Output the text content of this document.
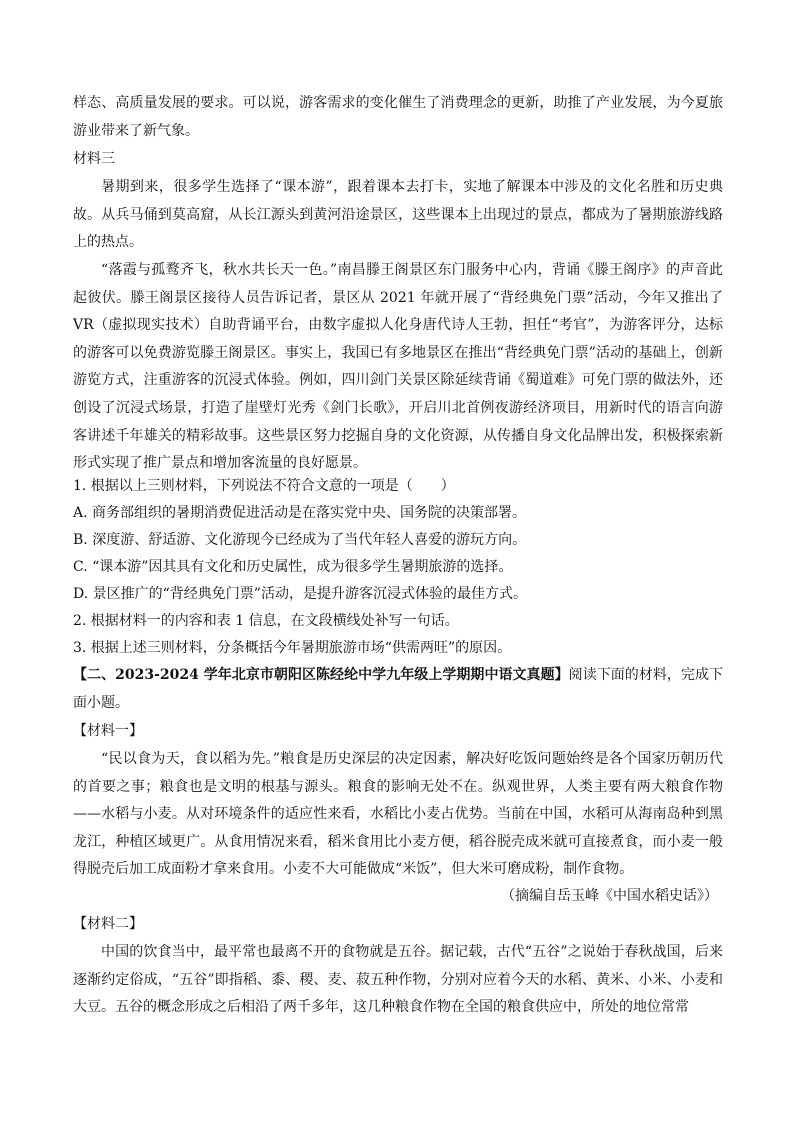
样态、高质量发展的要求。可以说，游客需求的变化催生了消费理念的更新，助推了产业发展，为今夏旅游业带来了新气象。

材料三

暑期到来，很多学生选择了“课本游”，跟着课本去打卡，实地了解课本中涉及的文化名胜和历史典故。从兵马俑到莫高窟，从长江源头到黄河沿途景区，这些课本上出现过的景点，都成为了暑期旅游线路上的热点。

“落霞与孤鹜齐飞，秋水共长天一色。”南昌滕王阁景区东门服务中心内，背诵《滕王阁序》的声音此起彼伏。滕王阁景区接待人员告诉记者，景区从 2021 年就开展了“背经典免门票”活动，今年又推出了 VR（虚拟现实技术）自助背诵平台，由数字虚拟人化身唐代诗人王勃，担任“考官”，为游客评分，达标的游客可以免费游览滕王阁景区。事实上，我国已有多地景区在推出“背经典免门票”活动的基础上，创新游览方式，注重游客的沉浸式体验。例如，四川剑门关景区除延续背诵《蜀道难》可免门票的做法外，还创设了沉浸式场景，打造了崖壁灯光秀《剑门长歌》，开启川北首例夜游经济项目，用新时代的语言向游客讲述千年雄关的精彩故事。这些景区努力挖掘自身的文化资源，从传播自身文化品牌出发，积极探索新形式实现了推广景点和增加客流量的良好愿景。

1. 根据以上三则材料，下列说法不符合文意的一项是（　　）

A. 商务部组织的暑期消费促进活动是在落实党中央、国务院的决策部署。

B. 深度游、舒适游、文化游现今已经成为了当代年轻人喜爱的游玩方向。

C. “课本游”因其具有文化和历史属性，成为很多学生暑期旅游的选择。

D. 景区推广的“背经典免门票”活动，是提升游客沉浸式体验的最佳方式。

2. 根据材料一的内容和表 1 信息，在文段横线处补写一句话。

3. 根据上述三则材料，分条概括今年暑期旅游市场“供需两旺”的原因。

【二、2023-2024 学年北京市朝阳区陈经纶中学九年级上学期期中语文真题】阅读下面的材料，完成下面小题。

【材料一】

“民以食为天，食以稻为先。”粮食是历史深层的决定因素，解决好吃饭问题始终是各个国家历朝历代的首要之事；粮食也是文明的根基与源头。粮食的影响无处不在。纵观世界，人类主要有两大粮食作物——水稻与小麦。从对环境条件的适应性来看，水稻比小麦占优势。当前在中国，水稻可从海南岛种到黑龙江，种植区域更广。从食用情况来看，稻米食用比小麦方便，稻谷脱壳成米就可直接煮食，而小麦一般得脱壳后加工成面粉才拿来食用。小麦不大可能做成“米饭”，但大米可磨成粉，制作食物。

（摘编自岳玉峰《中国水稻史话》）

【材料二】

中国的饮食当中，最平常也最离不开的食物就是五谷。据记载，古代“五谷”之说始于春秋战国，后来逐渐约定俗成，“五谷”即指稻、黍、稷、麦、菽五种作物，分别对应着今天的水稻、黄米、小米、小麦和大豆。五谷的概念形成之后相沿了两千多年，这几种粮食作物在全国的粮食供应中，所处的地位常常
